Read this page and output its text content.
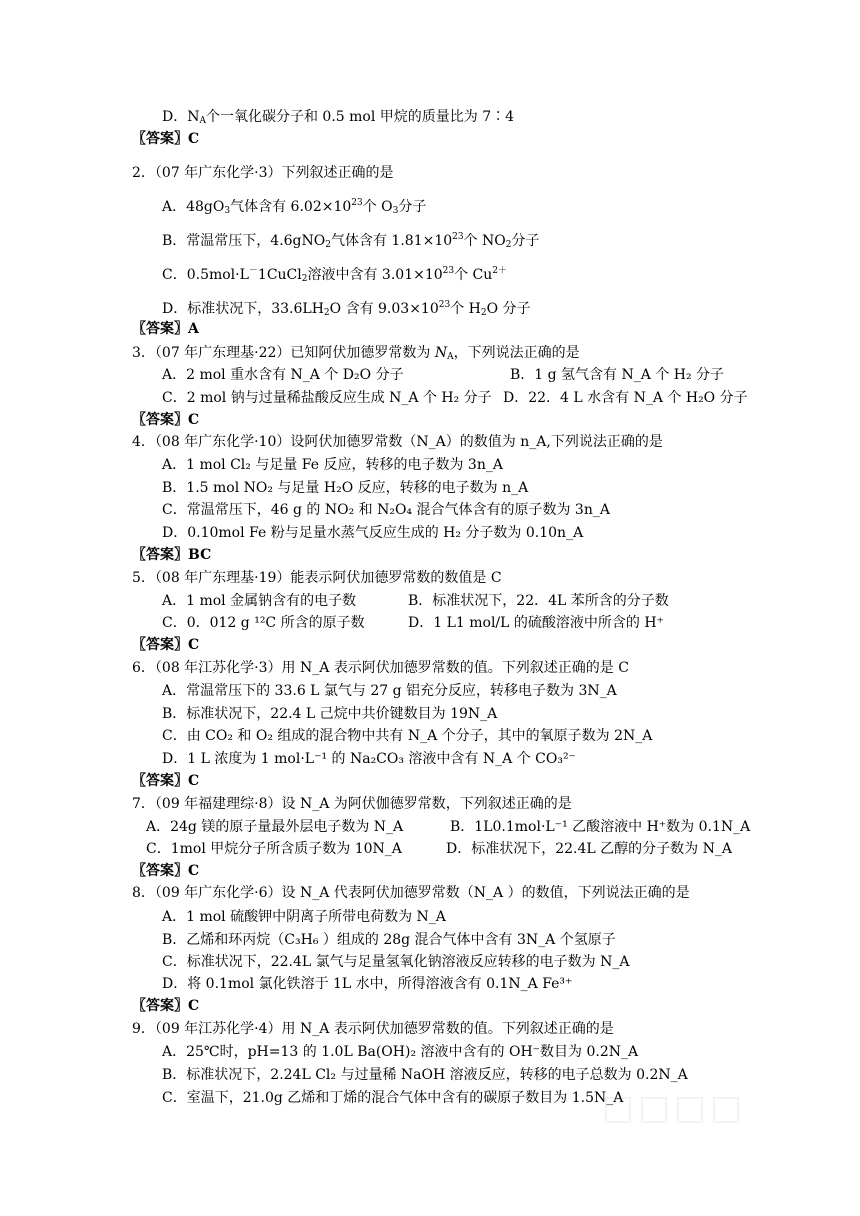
D．$N_A$个一氧化碳分子和 0.5 mol 甲烷的质量比为 7∶4
〖答案〗C
2．（07 年广东化学·3）下列叙述正确的是
A．$48gO_3$气体含有 $6.02\times 10^{23}$个 $O_3$分子
B．常温常压下，4.6gNO$_2$气体含有 $1.81\times 10^{23}$个 $NO_2$分子
C．0.5mol·L－1CuCl$_2$溶液中含有 $3.01\times 10^{23}$个 $Cu^{2+}$
D．标准状况下，$33.6LH_2O$ 含有 $9.03\times 10^{23}$个 $H_2O$ 分子
〖答案〗A
3．（07 年广东理基·22）已知阿伏加德罗常数为 $N_A$，下列说法正确的是
A．2 mol 重水含有 N_A 个 D₂O 分子	B．1 g 氢气含有 N_A 个 H₂ 分子
C．2 mol 钠与过量稀盐酸反应生成 N_A 个 H₂ 分子 D．22．4 L 水含有 N_A 个 H₂O 分子
〖答案〗C
4．（08 年广东化学·10）设阿伏加德罗常数（N_A）的数值为 n_A,下列说法正确的是
A．1 mol Cl₂ 与足量 Fe 反应，转移的电子数为 3n_A
B．1.5 mol NO₂ 与足量 H₂O 反应，转移的电子数为 n_A
C．常温常压下，46 g 的 NO₂ 和 N₂O₄ 混合气体含有的原子数为 3n_A
D．0.10mol Fe 粉与足量水蒸气反应生成的 H₂ 分子数为 0.10n_A
〖答案〗BC
5．（08 年广东理基·19）能表示阿伏加德罗常数的数值是 C
A．1 mol 金属钠含有的电子数	B．标准状况下，22．4L 苯所含的分子数
C．0．012 g ¹²C 所含的原子数	D．1 L1 mol/L 的硫酸溶液中所含的 H⁺
〖答案〗C
6．（08 年江苏化学·3）用 N_A 表示阿伏加德罗常数的值。下列叙述正确的是 C
A．常温常压下的 33.6 L 氯气与 27 g 铝充分反应，转移电子数为 3N_A
B．标准状况下，22.4 L 己烷中共价键数目为 19N_A
C．由 CO₂ 和 O₂ 组成的混合物中共有 N_A 个分子，其中的氧原子数为 2N_A
D．1 L 浓度为 1 mol·L⁻¹ 的 Na₂CO₃ 溶液中含有 N_A 个 CO₃²⁻
〖答案〗C
7．（09 年福建理综·8）设 N_A 为阿伏伽德罗常数，下列叙述正确的是
A．24g 镁的原子量最外层电子数为 N_A	B．1L0.1mol·L⁻¹ 乙酸溶液中 H⁺数为 0.1N_A
C．1mol 甲烷分子所含质子数为 10N_A	D．标准状况下，22.4L 乙醇的分子数为 N_A
〖答案〗C
8．（09 年广东化学·6）设 N_A 代表阿伏加德罗常数（N_A ）的数值，下列说法正确的是
A．1 mol 硫酸钾中阴离子所带电荷数为 N_A
B．乙烯和环丙烷（C₃H₆ ）组成的 28g 混合气体中含有 3N_A 个氢原子
C．标准状况下，22.4L 氯气与足量氢氧化钠溶液反应转移的电子数为 N_A
D．将 0.1mol 氯化铁溶于 1L 水中，所得溶液含有 0.1N_A Fe³⁺
〖答案〗C
9．（09 年江苏化学·4）用 N_A 表示阿伏加德罗常数的值。下列叙述正确的是
A．25℃时，pH=13 的 1.0L Ba(OH)₂ 溶液中含有的 OH⁻数目为 0.2N_A
B．标准状况下，2.24L Cl₂ 与过量稀 NaOH 溶液反应，转移的电子总数为 0.2N_A
C．室温下，21.0g 乙烯和丁烯的混合气体中含有的碳原子数目为 1.5N_A
